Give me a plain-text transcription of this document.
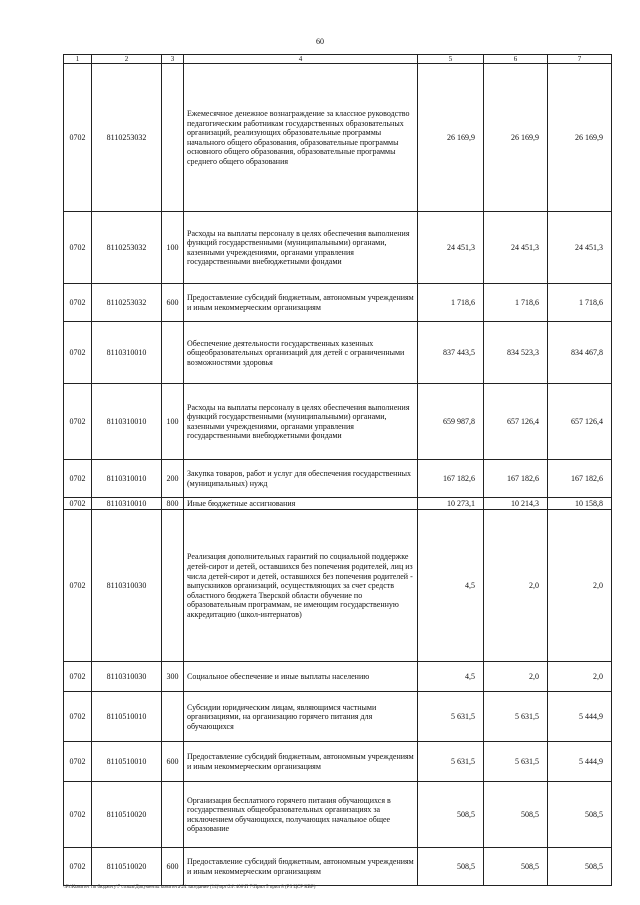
60
1	2	3	4	5	6	7
0702	8110253032		Ежемесячное денежное вознаграждение за классное руководство педагогическим работникам государственных образовательных организаций, реализующих образовательные программы начального общего образования, образовательные программы основного общего образования, образовательные программы среднего общего образования	26 169,9	26 169,9	26 169,9
0702	8110253032	100	Расходы на выплаты персоналу в целях обеспечения выполнения функций государственными (муниципальными) органами, казенными учреждениями, органами управления государственными внебюджетными фондами	24 451,3	24 451,3	24 451,3
0702	8110253032	600	Предоставление субсидий бюджетным, автономным учреждениям и иным некоммерческим организациям	1 718,6	1 718,6	1 718,6
0702	8110310010		Обеспечение деятельности государственных казенных общеобразовательных организаций для детей с ограниченными возможностями здоровья	837 443,5	834 523,3	834 467,8
0702	8110310010	100	Расходы на выплаты персоналу в целях обеспечения выполнения функций государственными (муниципальными) органами, казенными учреждениями, органами управления государственными внебюджетными фондами	659 987,8	657 126,4	657 126,4
0702	8110310010	200	Закупка товаров, работ и услуг для обеспечения государственных (муниципальных) нужд	167 182,6	167 182,6	167 182,6
0702	8110310010	800	Иные бюджетные ассигнования	10 273,1	10 214,3	10 158,8
0702	8110310030		Реализация дополнительных гарантий по социальной поддержке детей-сирот и детей, оставшихся без попечения родителей, лиц из числа детей-сирот и детей, оставшихся без попечения родителей - выпускников организаций, осуществляющих за счет средств областного бюджета Тверской области обучение по образовательным программам, не имеющим государственную аккредитацию (школ-интернатов)	4,5	2,0	2,0
0702	8110310030	300	Социальное обеспечение и иные выплаты населению	4,5	2,0	2,0
0702	8110510010		Субсидии юридическим лицам, являющимся частными организациями, на организацию горячего питания для обучающихся	5 631,5	5 631,5	5 444,9
0702	8110510010	600	Предоставление субсидий бюджетным, автономным учреждениям и иным некоммерческим организациям	5 631,5	5 631,5	5 444,9
0702	8110510020		Организация бесплатного горячего питания обучающихся в государственных общеобразовательных организациях за исключением обучающихся, получающих начальное общее образование	508,5	508,5	508,5
0702	8110510020	600	Предоставление субсидий бюджетным, автономным учреждениям и иным некоммерческим организациям	508,5	508,5	508,5
\\Fs\Комитет по бюджету\7 созыв\Документы комитета\24 заседание (14)\орт\24\ 406\П 7\Прил 5 прил 8 (РЗ ЦСР КВР)
